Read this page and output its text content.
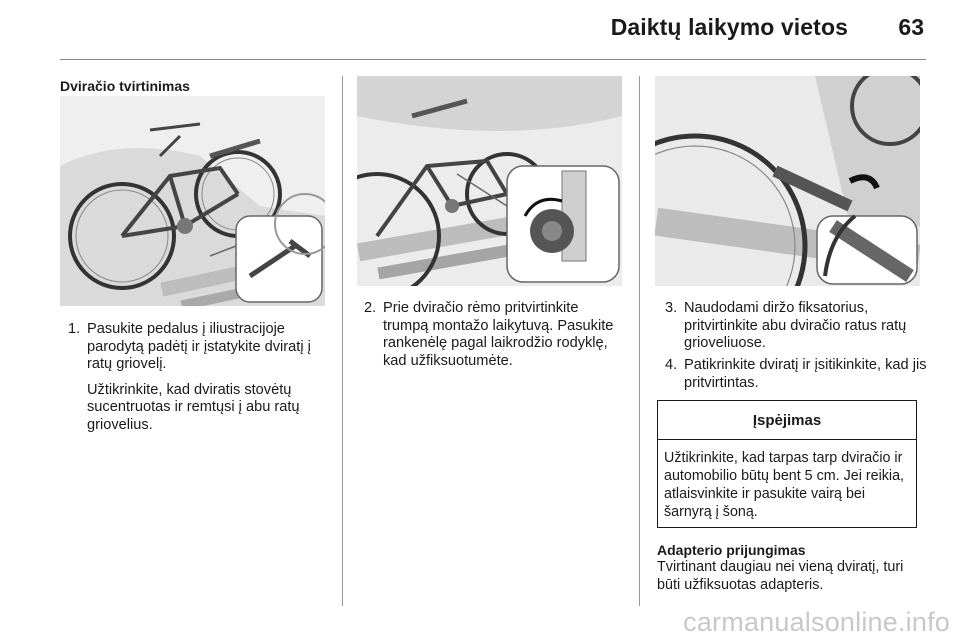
Daiktų laikymo vietos 63
Dviračio tvirtinimas
1. Pasukite pedalus į iliustracijoje parodytą padėtį ir įstatykite dviratį į ratų griovelį.
Užtikrinkite, kad dviratis stovėtų sucentruotas ir remtųsi į abu ratų griovelius.
2. Prie dviračio rėmo pritvirtinkite trumpą montažo laikytuvą. Pasukite rankenėlę pagal laikrodžio rodyklę, kad užfiksuotumėte.
3. Naudodami diržo fiksatorius, pritvirtinkite abu dviračio ratus ratų grioveliuose.
4. Patikrinkite dviratį ir įsitikinkite, kad jis pritvirtintas.
Įspėjimas
Užtikrinkite, kad tarpas tarp dviračio ir automobilio būtų bent 5 cm. Jei reikia, atlaisvinkite ir pasukite vairą bei šarnyrą į šoną.
Adapterio prijungimas
Tvirtinant daugiau nei vieną dviratį, turi būti užfiksuotas adapteris.
carmanualsonline.info
